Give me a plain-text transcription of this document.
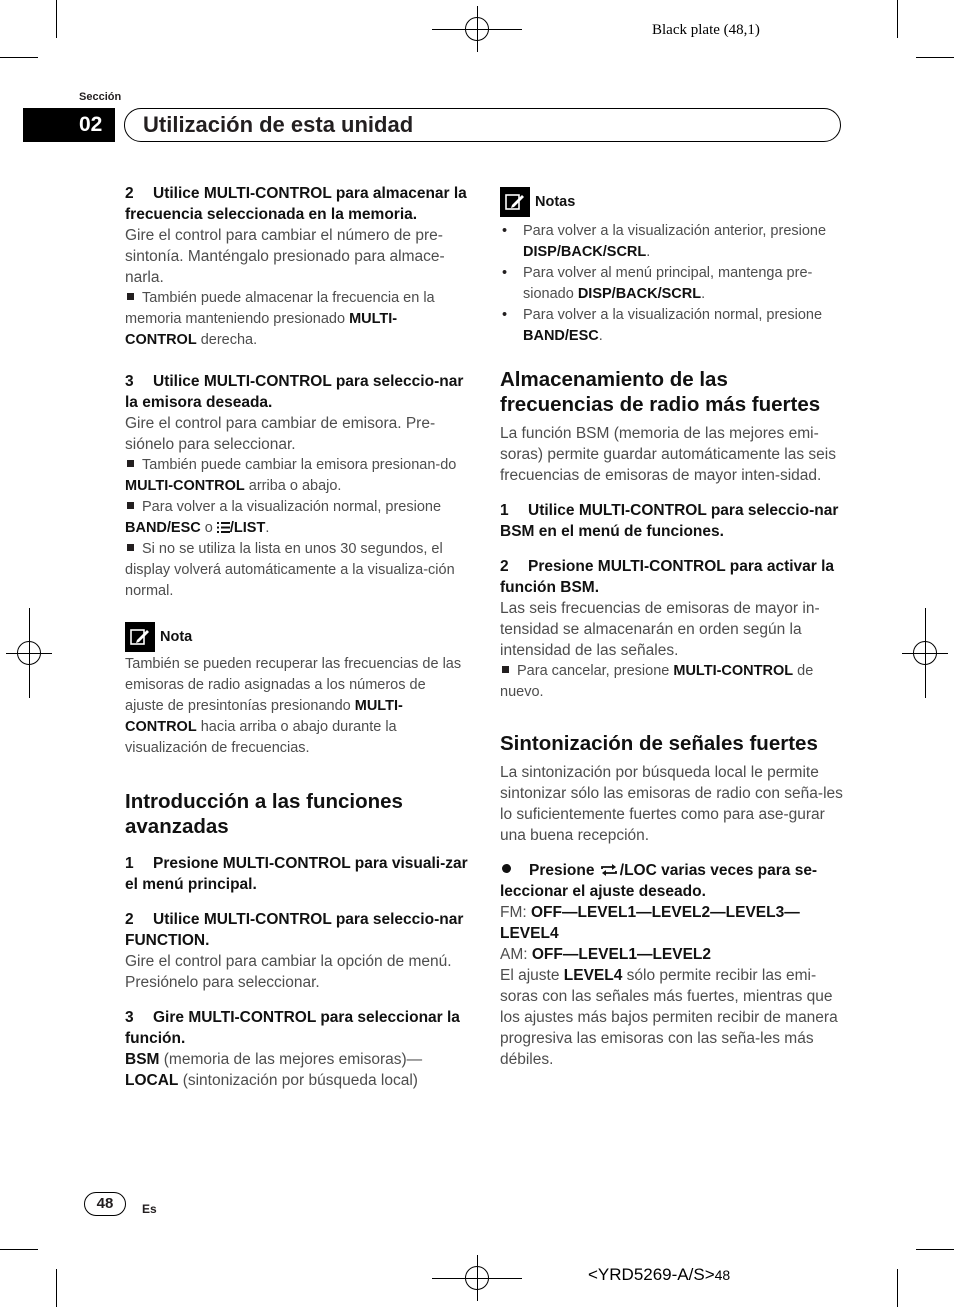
Black plate (48,1)
Sección
02	Utilización de esta unidad
2 Utilice MULTI-CONTROL para almacenar la frecuencia seleccionada en la memoria.
Gire el control para cambiar el número de pre-sintonía. Manténgalo presionado para almace-narla.
También puede almacenar la frecuencia en la memoria manteniendo presionado MULTI-CONTROL derecha.
3 Utilice MULTI-CONTROL para seleccio-nar la emisora deseada.
Gire el control para cambiar de emisora. Pre-siónelo para seleccionar.
También puede cambiar la emisora presionan-do MULTI-CONTROL arriba o abajo.
Para volver a la visualización normal, presione BAND/ESC o /LIST.
Si no se utiliza la lista en unos 30 segundos, el display volverá automáticamente a la visualiza-ción normal.
Nota
También se pueden recuperar las frecuencias de las emisoras de radio asignadas a los números de ajuste de presintonías presionando MULTI-CONTROL hacia arriba o abajo durante la visualización de frecuencias.
Introducción a las funciones avanzadas
1 Presione MULTI-CONTROL para visuali-zar el menú principal.
2 Utilice MULTI-CONTROL para seleccio-nar FUNCTION.
Gire el control para cambiar la opción de menú. Presiónelo para seleccionar.
3 Gire MULTI-CONTROL para seleccionar la función.
BSM (memoria de las mejores emisoras)— LOCAL (sintonización por búsqueda local)
Notas
• Para volver a la visualización anterior, presione DISP/BACK/SCRL.
• Para volver al menú principal, mantenga pre-sionado DISP/BACK/SCRL.
• Para volver a la visualización normal, presione BAND/ESC.
Almacenamiento de las frecuencias de radio más fuertes
La función BSM (memoria de las mejores emi-soras) permite guardar automáticamente las seis frecuencias de emisoras de mayor inten-sidad.
1 Utilice MULTI-CONTROL para seleccio-nar BSM en el menú de funciones.
2 Presione MULTI-CONTROL para activar la función BSM.
Las seis frecuencias de emisoras de mayor in-tensidad se almacenarán en orden según la intensidad de las señales.
Para cancelar, presione MULTI-CONTROL de nuevo.
Sintonización de señales fuertes
La sintonización por búsqueda local le permite sintonizar sólo las emisoras de radio con seña-les lo suficientemente fuertes como para ase-gurar una buena recepción.
Presione /LOC varias veces para se-leccionar el ajuste deseado.
FM: OFF—LEVEL1—LEVEL2—LEVEL3—LEVEL4
AM: OFF—LEVEL1—LEVEL2
El ajuste LEVEL4 sólo permite recibir las emi-soras con las señales más fuertes, mientras que los ajustes más bajos permiten recibir de manera progresiva las emisoras con las seña-les más débiles.
48	Es
<YRD5269-A/S>48
